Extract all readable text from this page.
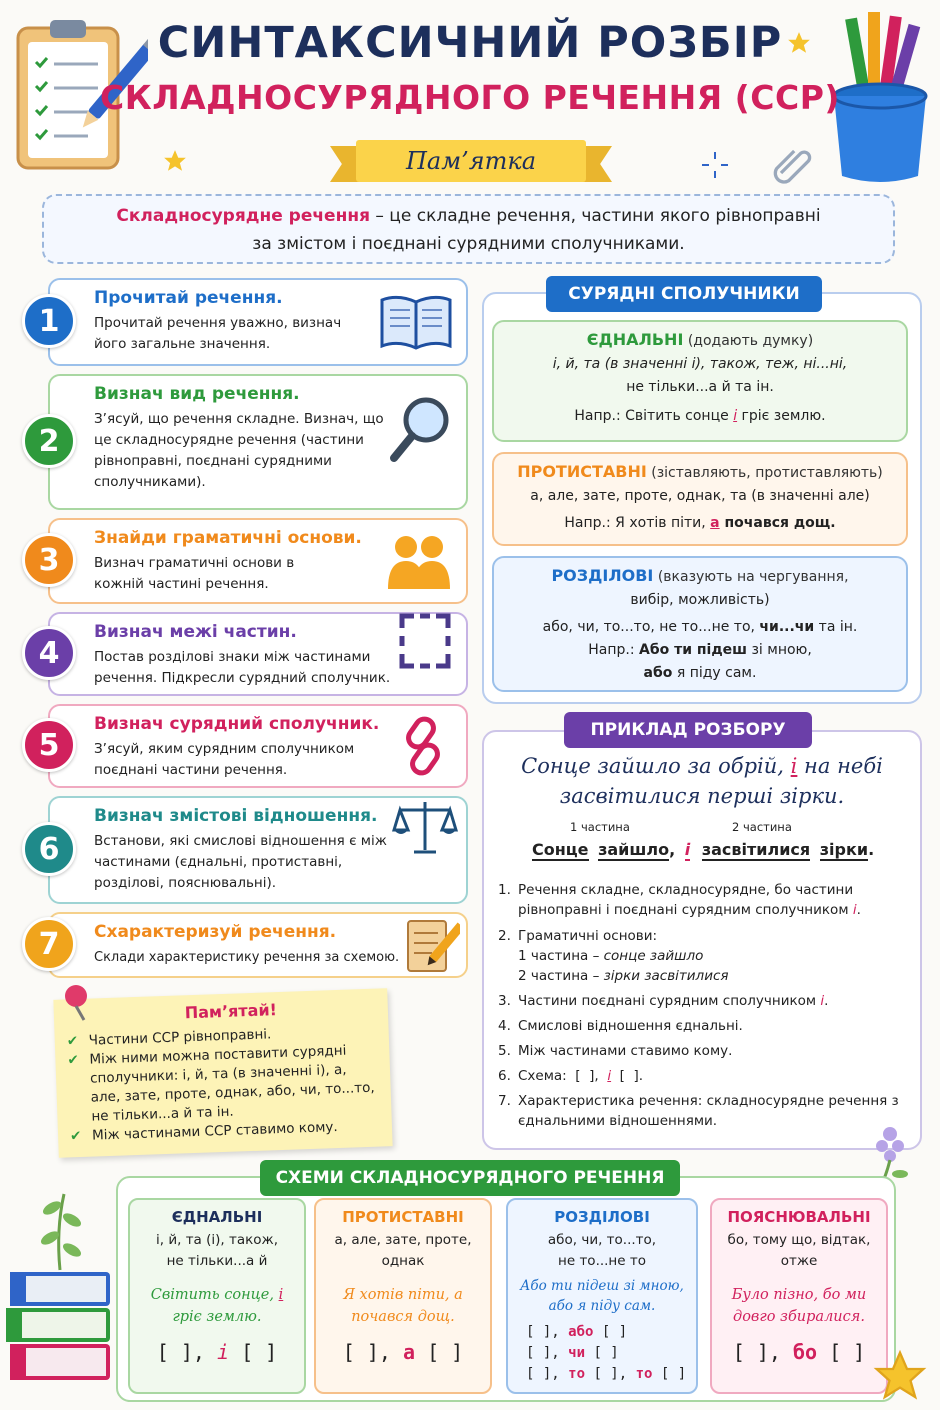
СИНТАКСИЧНИЙ РОЗБІР
СКЛАДНОСУРЯДНОГО РЕЧЕННЯ (ССР)
Пам’ятка
Складносурядне речення – це складне речення, частини якого рівноправні
за змістом і поєднані сурядними сполучниками.
1
Прочитай речення.
Прочитай речення уважно, визнач його загальне значення.
2
Визнач вид речення.
З’ясуй, що речення складне. Визнач, що це складносурядне речення (частини рівноправні, поєднані сурядними сполучниками).
3
Знайди граматичні основи.
Визнач граматичні основи в кожній частині речення.
4
Визнач межі частин.
Постав розділові знаки між частинами речення. Підкресли сурядний сполучник.
5
Визнач сурядний сполучник.
З’ясуй, яким сурядним сполучником поєднані частини речення.
6
Визнач змістові відношення.
Встанови, які смислові відношення є між частинами (єднальні, протиставні, розділові, пояснювальні).
7	Схарактеризуй речення.
Склади характеристику речення за схемою.
Пам’ятай!
✔ Частини ССР рівноправні.
✔ Між ними можна поставити сурядні сполучники: і, й, та (в значенні і), а, але, зате, проте, однак, або, чи, то...то, не тільки...а й та ін.
✔ Між частинами ССР ставимо кому.
СУРЯДНІ СПОЛУЧНИКИ
ЄДНАЛЬНІ (додають думку)
і, й, та (в значенні і), також, теж, ні...ні,
не тільки...а й та ін.
Напр.: Світить сонце і гріє землю.
ПРОТИСТАВНІ (зіставляють, протиставляють)
а, але, зате, проте, однак, та (в значенні але)
Напр.: Я хотів піти, а почався дощ.
РОЗДІЛОВІ (вказують на чергування,
вибір, можливість)
або, чи, то...то, не то...не то, чи...чи та ін.
Напр.: Або ти підеш зі мною,
або я піду сам.
ПРИКЛАД РОЗБОРУ
Сонце зайшло за обрій, і на небі
засвітилися перші зірки.
1 частина	2 частина
Сонце зайшло, і засвітилися зірки.
1. Речення складне, складносурядне, бо частини рівноправні і поєднані сурядним сполучником і.
2. Граматичні основи:
1 частина – сонце зайшло
2 частина – зірки засвітилися
3. Частини поєднані сурядним сполучником і.
4. Смислові відношення єднальні.
5. Між частинами ставимо кому.
6. Схема:  [  ],  і  [  ].
7. Характеристика речення: складносурядне речення з єднальними відношеннями.
СХЕМИ СКЛАДНОСУРЯДНОГО РЕЧЕННЯ
ЄДНАЛЬНІ
і, й, та (і), також,
не тільки...а й
Світить сонце, і
гріє землю.
[ ], і [ ]
ПРОТИСТАВНІ
а, але, зате, проте,
однак
Я хотів піти, а
почався дощ.
[ ], а [ ]
РОЗДІЛОВІ
або, чи, то...то,
не то...не то
Або ти підеш зі мною,
або я піду сам.
[ ], або [ ]
[ ], чи [ ]
[ ], то [ ], то [ ]
ПОЯСНЮВАЛЬНІ
бо, тому що, відтак,
отже
Було пізно, бо ми
довго збиралися.
[ ], бо [ ]
